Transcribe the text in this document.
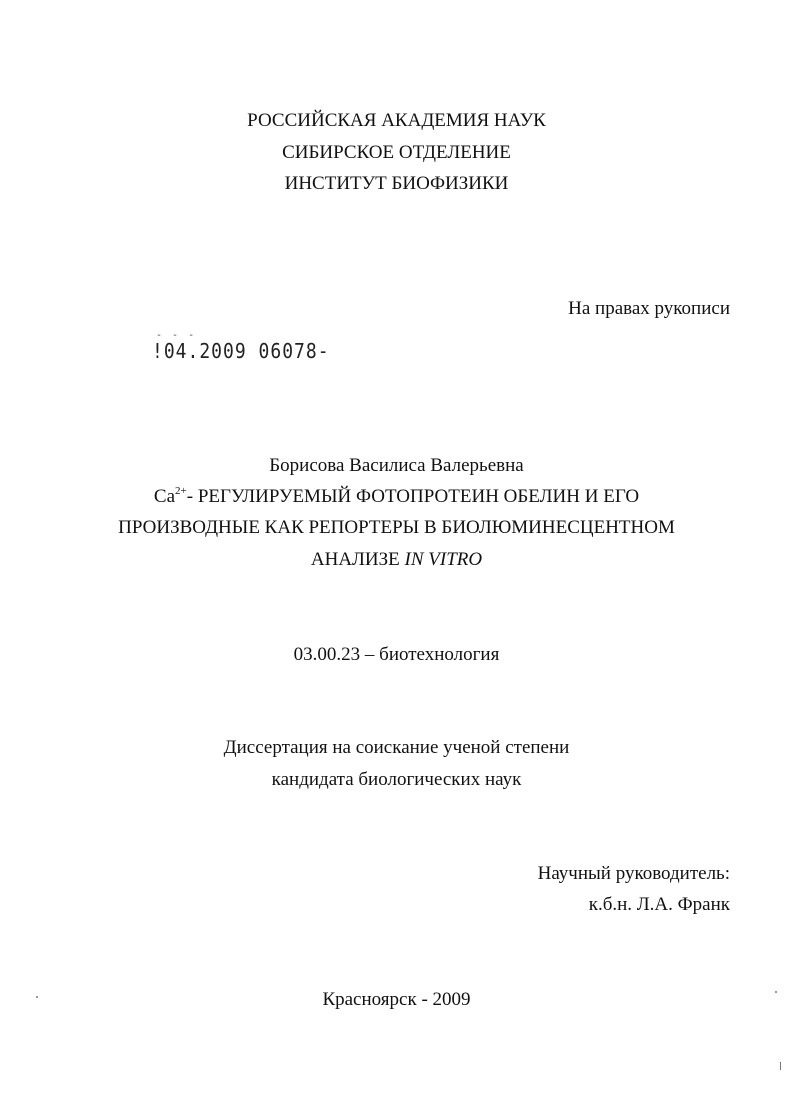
РОССИЙСКАЯ АКАДЕМИЯ НАУК
СИБИРСКОЕ ОТДЕЛЕНИЕ
ИНСТИТУТ БИОФИЗИКИ
На правах рукописи
- - -
!04.2009 06078-
Борисова Василиса Валерьевна
$Ca^{2+}-$ РЕГУЛИРУЕМЫЙ ФОТОПРОТЕИН ОБЕЛИН И ЕГО
ПРОИЗВОДНЫЕ КАК РЕПОРТЕРЫ В БИОЛЮМИНЕСЦЕНТНОМ
АНАЛИЗЕ IN VITRO
03.00.23 – биотехнология
Диссертация на соискание ученой степени
кандидата биологических наук
Научный руководитель:
к.б.н. Л.А. Франк
Красноярск - 2009
